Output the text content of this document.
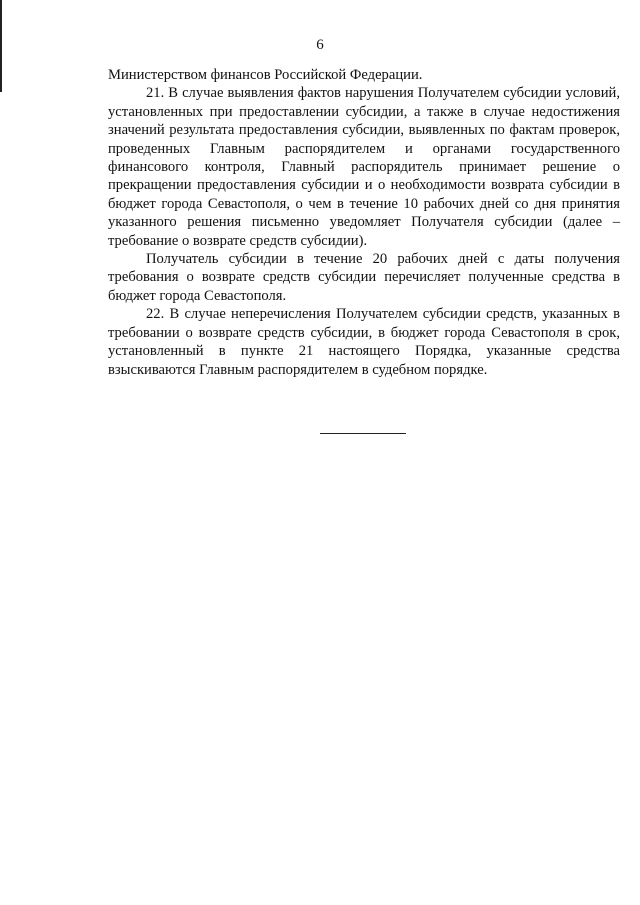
6

Министерством финансов Российской Федерации.

21. В случае выявления фактов нарушения Получателем субсидии условий, установленных при предоставлении субсидии, а также в случае недостижения значений результата предоставления субсидии, выявленных по фактам проверок, проведенных Главным распорядителем и органами государственного финансового контроля, Главный распорядитель принимает решение о прекращении предоставления субсидии и о необходимости возврата субсидии в бюджет города Севастополя, о чем в течение 10 рабочих дней со дня принятия указанного решения письменно уведомляет Получателя субсидии (далее – требование о возврате средств субсидии).

Получатель субсидии в течение 20 рабочих дней с даты получения требования о возврате средств субсидии перечисляет полученные средства в бюджет города Севастополя.

22. В случае неперечисления Получателем субсидии средств, указанных в требовании о возврате средств субсидии, в бюджет города Севастополя в срок, установленный в пункте 21 настоящего Порядка, указанные средства взыскиваются Главным распорядителем в судебном порядке.
